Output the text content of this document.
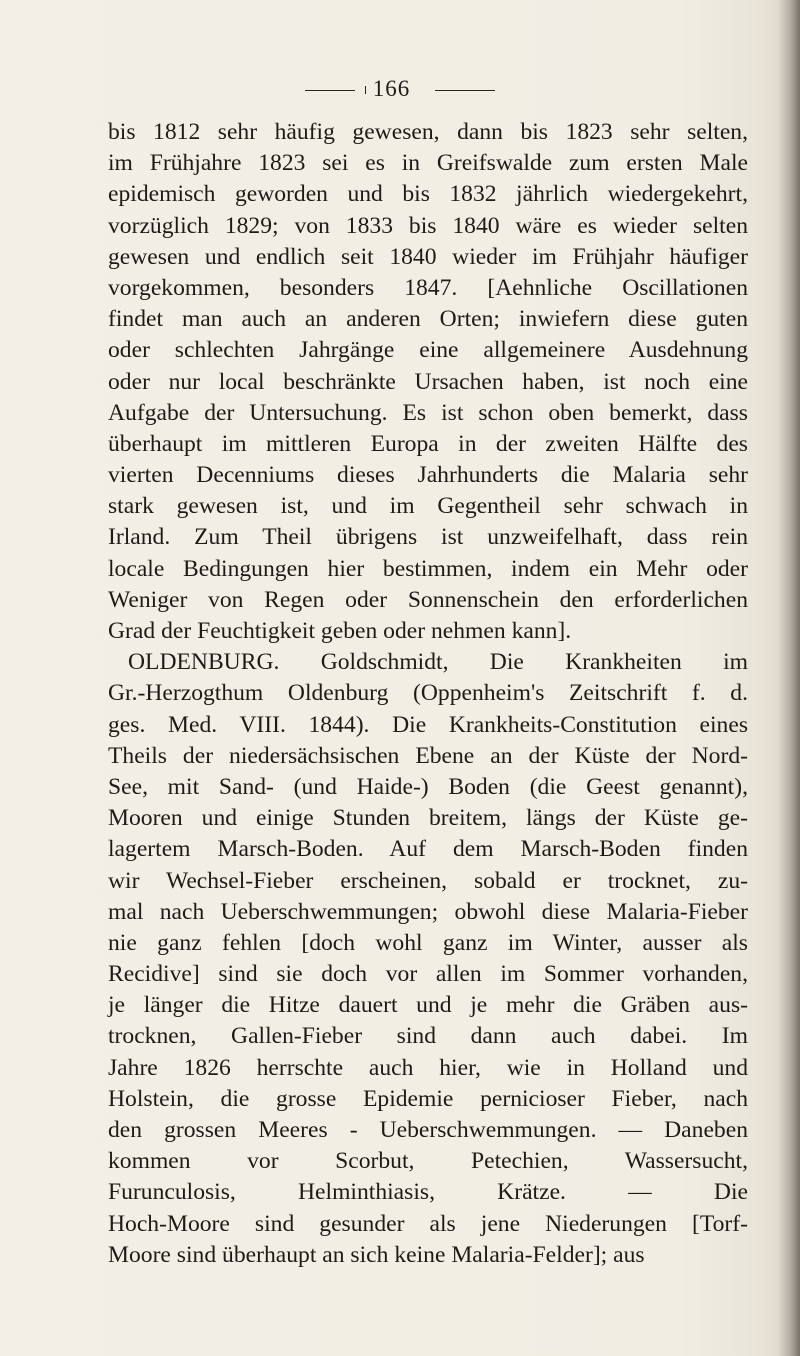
166
bis 1812 sehr häufig gewesen, dann bis 1823 sehr selten,
im Frühjahre 1823 sei es in Greifswalde zum ersten Male
epidemisch geworden und bis 1832 jährlich wiedergekehrt,
vorzüglich 1829; von 1833 bis 1840 wäre es wieder selten
gewesen und endlich seit 1840 wieder im Frühjahr häufiger
vorgekommen, besonders 1847. [Aehnliche Oscillationen
findet man auch an anderen Orten; inwiefern diese guten
oder schlechten Jahrgänge eine allgemeinere Ausdehnung
oder nur local beschränkte Ursachen haben, ist noch eine
Aufgabe der Untersuchung. Es ist schon oben bemerkt, dass
überhaupt im mittleren Europa in der zweiten Hälfte des
vierten Decenniums dieses Jahrhunderts die Malaria sehr
stark gewesen ist, und im Gegentheil sehr schwach in
Irland. Zum Theil übrigens ist unzweifelhaft, dass rein
locale Bedingungen hier bestimmen, indem ein Mehr oder
Weniger von Regen oder Sonnenschein den erforderlichen
Grad der Feuchtigkeit geben oder nehmen kann].
OLDENBURG. Goldschmidt, Die Krankheiten im
Gr.-Herzogthum Oldenburg (Oppenheim's Zeitschrift f. d.
ges. Med. VIII. 1844). Die Krankheits-Constitution eines
Theils der niedersächsischen Ebene an der Küste der Nord-
See, mit Sand- (und Haide-) Boden (die Geest genannt),
Mooren und einige Stunden breitem, längs der Küste ge-
lagertem Marsch-Boden. Auf dem Marsch-Boden finden
wir Wechsel-Fieber erscheinen, sobald er trocknet, zu-
mal nach Ueberschwemmungen; obwohl diese Malaria-Fieber
nie ganz fehlen [doch wohl ganz im Winter, ausser als
Recidive] sind sie doch vor allen im Sommer vorhanden,
je länger die Hitze dauert und je mehr die Gräben aus-
trocknen, Gallen-Fieber sind dann auch dabei. Im
Jahre 1826 herrschte auch hier, wie in Holland und
Holstein, die grosse Epidemie pernicioser Fieber, nach
den grossen Meeres - Ueberschwemmungen. — Daneben
kommen vor Scorbut, Petechien, Wassersucht,
Furunculosis, Helminthiasis, Krätze. — Die
Hoch-Moore sind gesunder als jene Niederungen [Torf-
Moore sind überhaupt an sich keine Malaria-Felder]; aus
